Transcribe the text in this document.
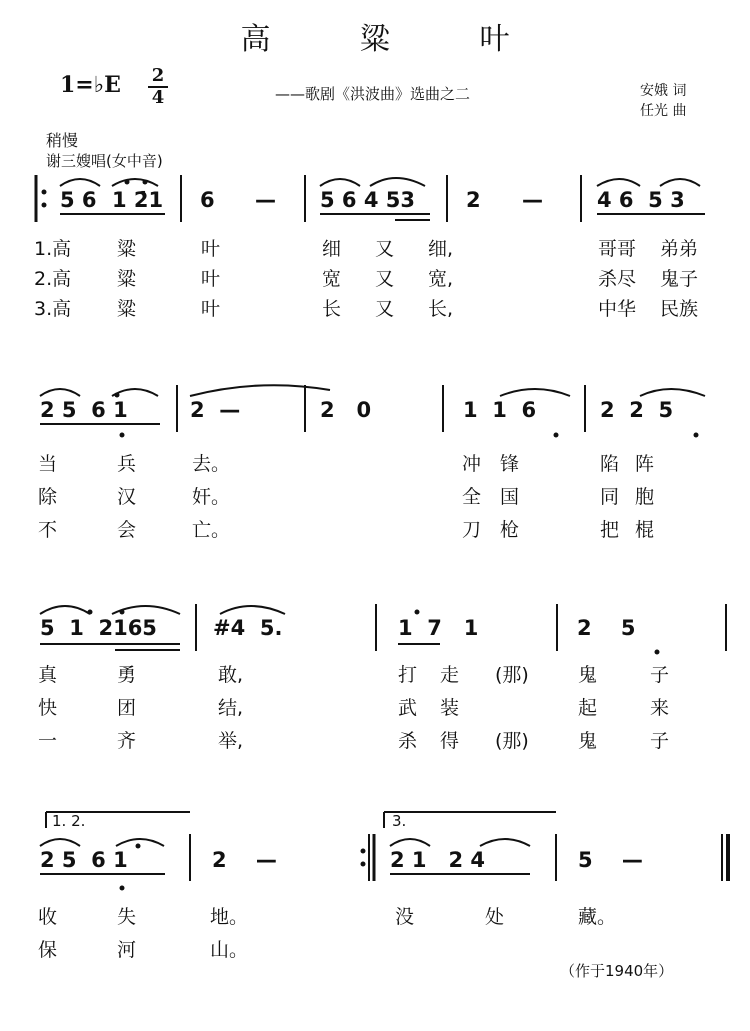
高 粱 叶
1=♭E 2
4	——歌剧《洪波曲》选曲之二	安娥 词
任光 曲
稍慢
谢三嫂唱(女中音)
5 6 1 2̇1 6 — 5 6 4 53 2 —	4 6  5 3
1.高 粱	叶	细 又 细,	哥哥 弟弟
2.高 粱	叶	宽 又 宽,	杀尽 鬼子
3.高 粱	叶	长 又 长,	中华 民族
2 5  6 1	2  —	2   0	1  1  6	2  2  5
当	兵	去。	冲 锋	陷 阵
除	汉	奸。	全 国	同 胞
不	会	亡。	刀 枪	把 棍
5  1  2165	#4  5.	1  7   1	2    5
真	勇	敢,	打 走 (那)	鬼	子
快	团	结,	武 装	起	来
一	齐	举,	杀 得 (那)	鬼	子
1. 2.	3.
2 5  6 1	2    —	2 1   2 4	5    —
收	失	地。	没	处	藏。
保	河	山。
（作于1940年）
